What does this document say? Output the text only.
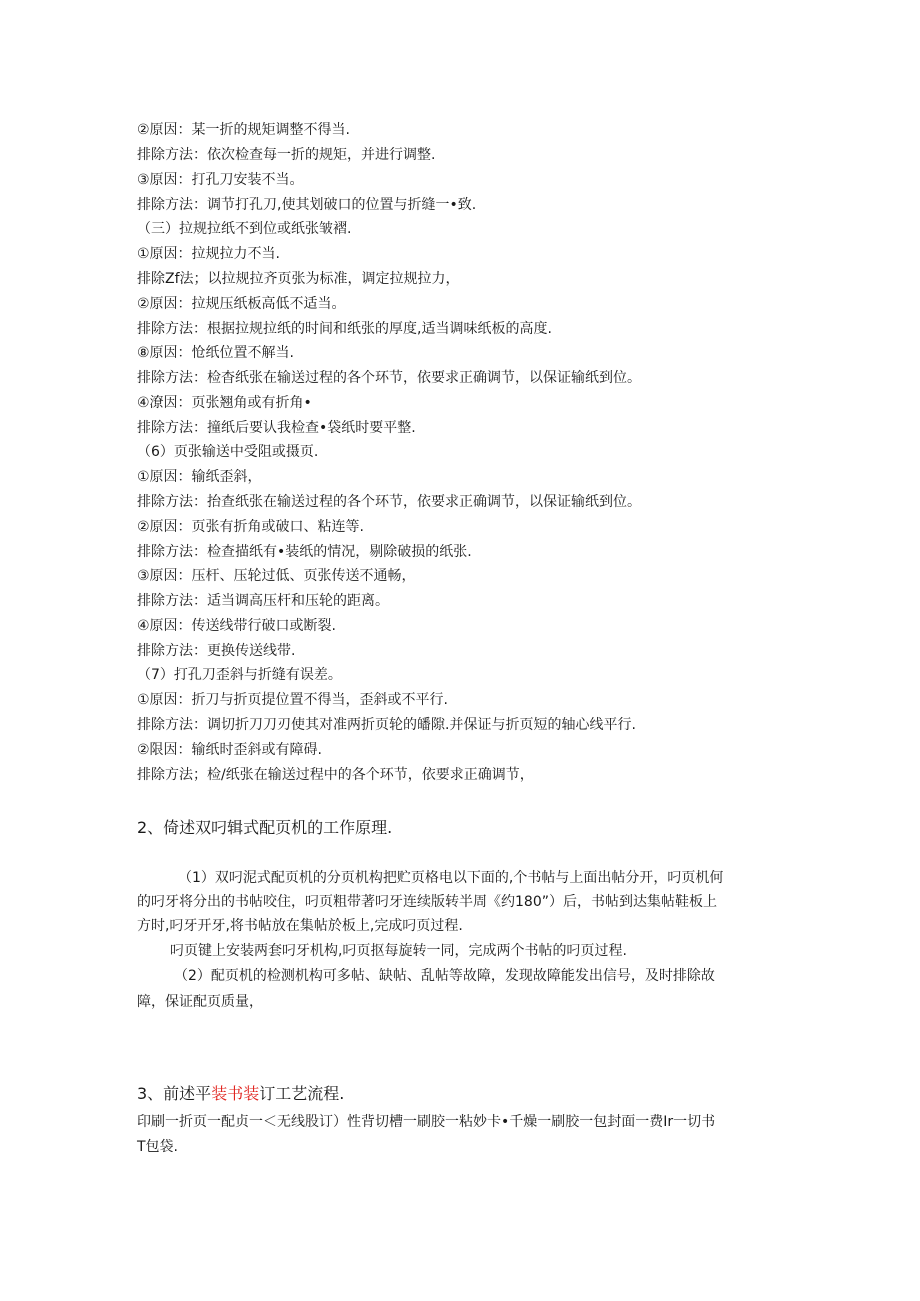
②原因：某一折的规矩调整不得当.
排除方法：依次检查每一折的规矩，并进行调整.
③原因：打孔刀安装不当。
排除方法：调节打孔刀,使其划破口的位置与折缝一•致.
（三）拉规拉纸不到位或纸张皱褶.
①原因：拉规拉力不当.
排除Zf法；以拉规拉齐页张为标准，调定拉规拉力，
②原因：拉规压纸板高低不适当。
排除方法：根据拉规拉纸的时间和纸张的厚度,适当调味纸板的高度.
⑧原因：怆纸位置不解当.
排除方法：检杳纸张在输送过程的各个环节，依要求正确调节，以保证输纸到位。
④潦因：页张翘角或有折角•
排除方法：撞纸后要认我检查•袋纸时要平整.
（6）页张输送中受阻或摄页.
①原因：输纸歪斜，
排除方法：抬查纸张在输送过程的各个环节，依要求正确调节，以保证输纸到位。
②原因：页张有折角或破口、粘连等.
排除方法：检查描纸有•装纸的情况，剔除破损的纸张.
③原因：压杆、压轮过低、页张传送不通畅，
排除方法：适当调高压杆和压轮的距离。
④原因：传送线带行破口或断裂.
排除方法：更换传送线带.
（7）打孔刀歪斜与折缝有误差。
①原因：折刀与折页提位置不得当，歪斜或不平行.
排除方法：调切折刀刀刃使其对准两折页轮的皤隙.并保证与折页短的轴心线平行.
②限因：输纸时歪斜或有障碍.
排除方法；检/纸张在输送过程中的各个环节，依要求正确调节，
2、倚述双叼辑式配页机的工作原理.
（1）双叼泥式配页机的分页机构把贮页格电以下面的,个书帖与上面出帖分开，叼页机何
的叼牙将分出的书帖咬住，叼页粗带著叼牙连续版转半周《约180”）后，书帖到达集帖鞋板上
方时,叼牙开牙,将书帖放在集帖於板上,完成叼页过程.
叼页键上安装两套叼牙机构,叼页抠每旋转一同，完成两个书帖的叼页过程.
（2）配页机的检测机构可多帖、缺帖、乱帖等故障，发现故障能发出信号，及时排除故
障，保证配页质量，
3、前述平装书装订工艺流程.
印刷一折页一配贞一＜无线股订）性背切槽一刷胶一粘妙卡•千燥一刷胶一包封面一费Ir一切书
T包袋.
